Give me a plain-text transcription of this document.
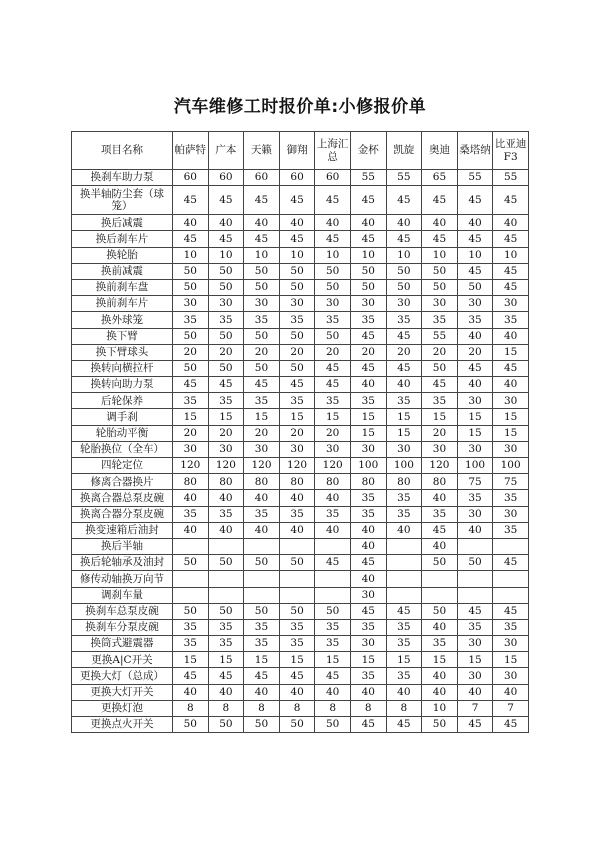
汽车维修工时报价单:小修报价单
项目名称	帕萨特	广本	天籁	御翔	上海汇总	金杯	凯旋	奥迪	桑塔纳	比亚迪F3
换刹车助力泵	60	60	60	60	60	55	55	65	55	55
换半轴防尘套（球 笼）	45	45	45	45	45	45	45	45	45	45
换后减震	40	40	40	40	40	40	40	40	40	40
换后刹车片	45	45	45	45	45	45	45	45	45	45
换轮胎	10	10	10	10	10	10	10	10	10	10
换前减震	50	50	50	50	50	50	50	50	45	45
换前刹车盘	50	50	50	50	50	50	50	50	50	45
换前刹车片	30	30	30	30	30	30	30	30	30	30
换外球笼	35	35	35	35	35	35	35	35	35	35
换下臂	50	50	50	50	50	45	45	55	40	40
换下臂球头	20	20	20	20	20	20	20	20	20	15
换转向横拉杆	50	50	50	50	45	45	45	50	45	45
换转向助力泵	45	45	45	45	45	40	40	45	40	40
后轮保养	35	35	35	35	35	35	35	35	30	30
调手刹	15	15	15	15	15	15	15	15	15	15
轮胎动平衡	20	20	20	20	20	15	15	20	15	15
轮胎换位（全车）	30	30	30	30	30	30	30	30	30	30
四轮定位	120	120	120	120	120	100	100	120	100	100
修离合器换片	80	80	80	80	80	80	80	80	75	75
换离合器总泵皮碗	40	40	40	40	40	35	35	40	35	35
换离合器分泵皮碗	35	35	35	35	35	35	35	35	30	30
换变速箱后油封	40	40	40	40	40	40	40	45	40	35
换后半轴						40		40		
换后轮轴承及油封	50	50	50	50	45	45		50	50	45
修传动轴换万向节						40				
调刹车量						30				
换刹车总泵皮碗	50	50	50	50	50	45	45	50	45	45
换刹车分泵皮碗	35	35	35	35	35	35	35	40	35	35
换筒式避震器	35	35	35	35	35	30	35	35	30	30
更换A|C开关	15	15	15	15	15	15	15	15	15	15
更换大灯（总成）	45	45	45	45	45	35	35	40	30	30
更换大灯开关	40	40	40	40	40	40	40	40	40	40
更换灯泡	8	8	8	8	8	8	8	10	7	7
更换点火开关	50	50	50	50	50	45	45	50	45	45
